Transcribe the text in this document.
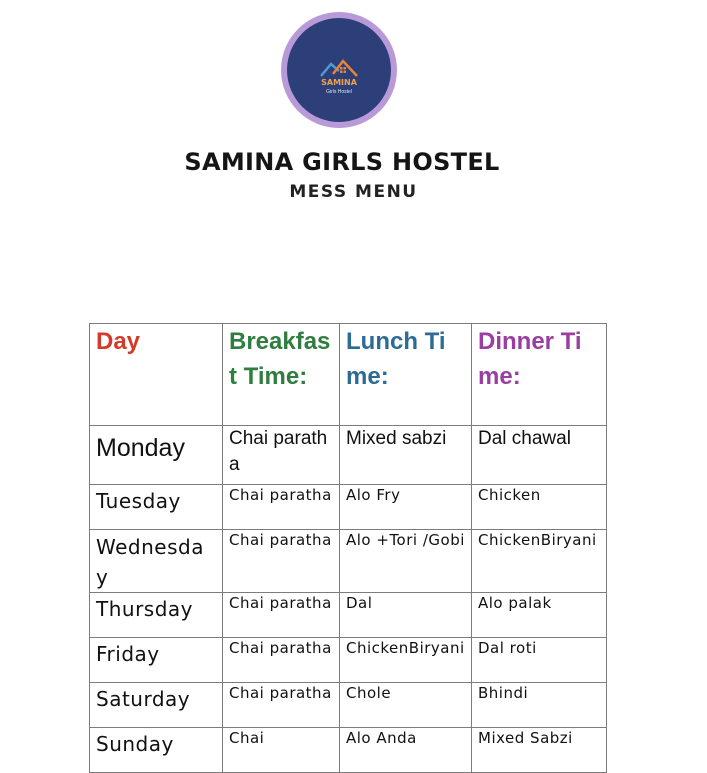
SAMINA
Girls Hostel
SAMINA GIRLS HOSTEL
MESS MENU
Day	Breakfast Time:	Lunch Time:	Dinner Time:
Monday	Chai paratha	Mixed sabzi	Dal chawal
Tuesday	Chai paratha	Alo Fry	Chicken
Wednesday	Chai paratha	Alo +Tori /Gobi	ChickenBiryani
Thursday	Chai paratha	Dal	Alo palak
Friday	Chai paratha	ChickenBiryani	Dal roti
Saturday	Chai paratha	Chole	Bhindi
Sunday	Chai	Alo Anda	Mixed Sabzi
